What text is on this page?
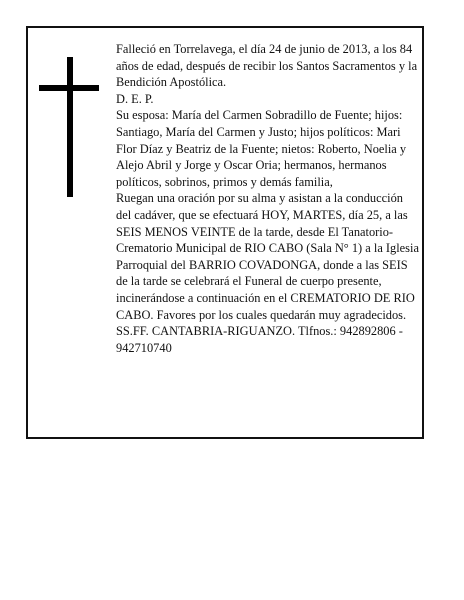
Falleció en Torrelavega, el día 24 de junio de 2013, a los 84 años de edad, después de recibir los Santos Sacramentos y la Bendición Apostólica.

D. E. P.

Su esposa: María del Carmen Sobradillo de Fuente; hijos: Santiago, María del Carmen y Justo; hijos políticos: Mari Flor Díaz y Beatriz de la Fuente; nietos: Roberto, Noelia y Alejo Abril y Jorge y Oscar Oria; hermanos, hermanos políticos, sobrinos, primos y demás familia,

Ruegan una oración por su alma y asistan a la conducción del cadáver, que se efectuará HOY, MARTES, día 25, a las SEIS MENOS VEINTE de la tarde, desde El Tanatorio-Crematorio Municipal de RIO CABO (Sala N° 1) a la Iglesia Parroquial del BARRIO COVADONGA, donde a las SEIS de la tarde se celebrará el Funeral de cuerpo presente, incinerándose a continuación en el CREMATORIO DE RIO CABO. Favores por los cuales quedarán muy agradecidos.

SS.FF. CANTABRIA-RIGUANZO. Tlfnos.: 942892806 - 942710740
